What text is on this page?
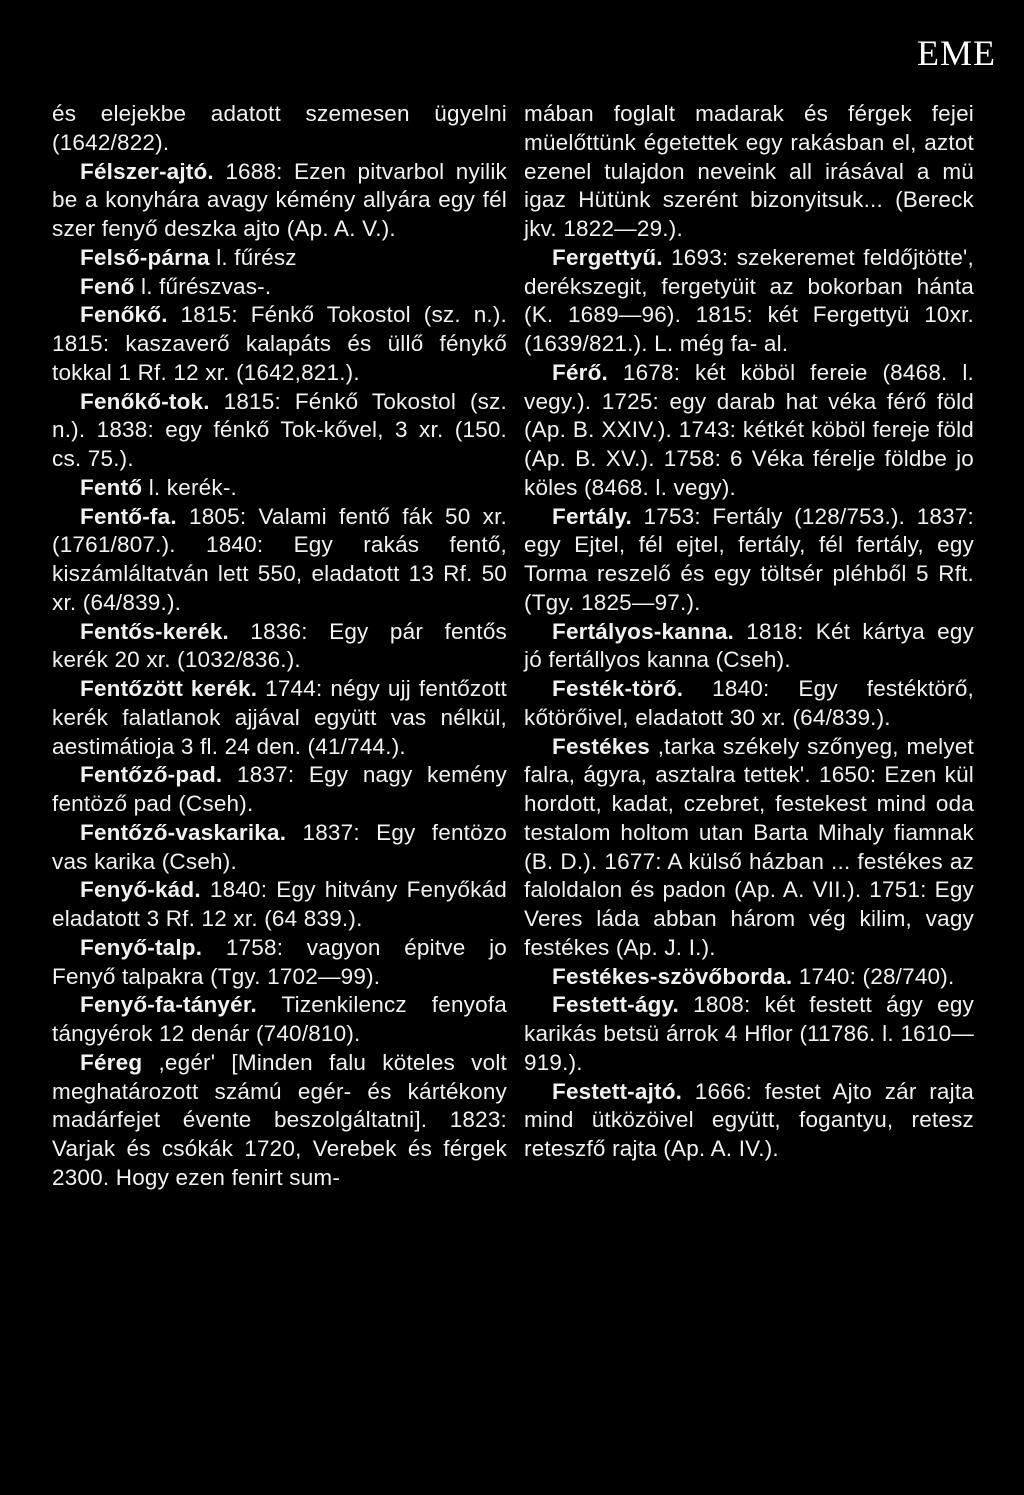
EME

és elejekbe adatott szemesen ügyelni (1642/822).

Félszer-ajtó. 1688: Ezen pitvarbol nyilik be a konyhára avagy kémény allyára egy fél szer fenyő deszka ajto (Ap. A. V.).

Felső-párna l. fűrész

Fenő l. fűrészvas-.

Fenőkő. 1815: Fénkő Tokostol (sz. n.). 1815: kaszaverő kalapáts és üllő fénykő tokkal 1 Rf. 12 xr. (1642,821.).

Fenőkő-tok. 1815: Fénkő Tokostol (sz. n.). 1838: egy fénkő Tok-kővel, 3 xr. (150. cs. 75.).

Fentő l. kerék-.

Fentő-fa. 1805: Valami fentő fák 50 xr. (1761/807.). 1840: Egy rakás fentő, kiszámláltatván lett 550, eladatott 13 Rf. 50 xr. (64/839.).

Fentős-kerék. 1836: Egy pár fentős kerék 20 xr. (1032/836.).

Fentőzött kerék. 1744: négy ujj fentőzott kerék falatlanok ajjával együtt vas nélkül, aestimátioja 3 fl. 24 den. (41/744.).

Fentőző-pad. 1837: Egy nagy kemény fentöző pad (Cseh).

Fentőző-vaskarika. 1837: Egy fentözo vas karika (Cseh).

Fenyő-kád. 1840: Egy hitvány Fenyőkád eladatott 3 Rf. 12 xr. (64 839.).

Fenyő-talp. 1758: vagyon épitve jo Fenyő talpakra (Tgy. 1702—99).

Fenyő-fa-tányér. Tizenkilencz fenyofa tángyérok 12 denár (740/810).

Féreg ,egér' [Minden falu köteles volt meghatározott számú egér- és kártékony madárfejet évente beszolgáltatni]. 1823: Varjak és csókák 1720, Verebek és férgek 2300. Hogy ezen fenirt sum-

mában foglalt madarak és férgek fejei müelőttünk égetettek egy rakásban el, aztot ezenel tulajdon neveink all irásával a mü igaz Hütünk szerént bizonyitsuk... (Bereck jkv. 1822—29.).

Fergettyű. 1693: szekeremet feldőjtötte', derékszegit, fergetyüit az bokorban hánta (K. 1689—96). 1815: két Fergettyü 10xr. (1639/821.). L. még fa- al.

Férő. 1678: két köböl fereie (8468. l. vegy.). 1725: egy darab hat véka férő föld (Ap. B. XXIV.). 1743: kétkét köböl fereje föld (Ap. B. XV.). 1758: 6 Véka férelje földbe jo köles (8468. l. vegy).

Fertály. 1753: Fertály (128/753.). 1837: egy Ejtel, fél ejtel, fertály, fél fertály, egy Torma reszelő és egy töltsér pléhből 5 Rft. (Tgy. 1825—97.).

Fertályos-kanna. 1818: Két kártya egy jó fertállyos kanna (Cseh).

Festék-törő. 1840: Egy festéktörő, kőtörőivel, eladatott 30 xr. (64/839.).

Festékes ,tarka székely szőnyeg, melyet falra, ágyra, asztalra tettek'. 1650: Ezen kül hordott, kadat, czebret, festekest mind oda testalom holtom utan Barta Mihaly fiamnak (B. D.). 1677: A külső házban ... festékes az faloldalon és padon (Ap. A. VII.). 1751: Egy Veres láda abban három vég kilim, vagy festékes (Ap. J. I.).

Festékes-szövőborda. 1740: (28/740).

Festett-ágy. 1808: két festett ágy egy karikás betsü árrok 4 Hflor (11786. l. 1610—919.).

Festett-ajtó. 1666: festet Ajto zár rajta mind ütközöivel együtt, fogantyu, retesz reteszfő rajta (Ap. A. IV.).
